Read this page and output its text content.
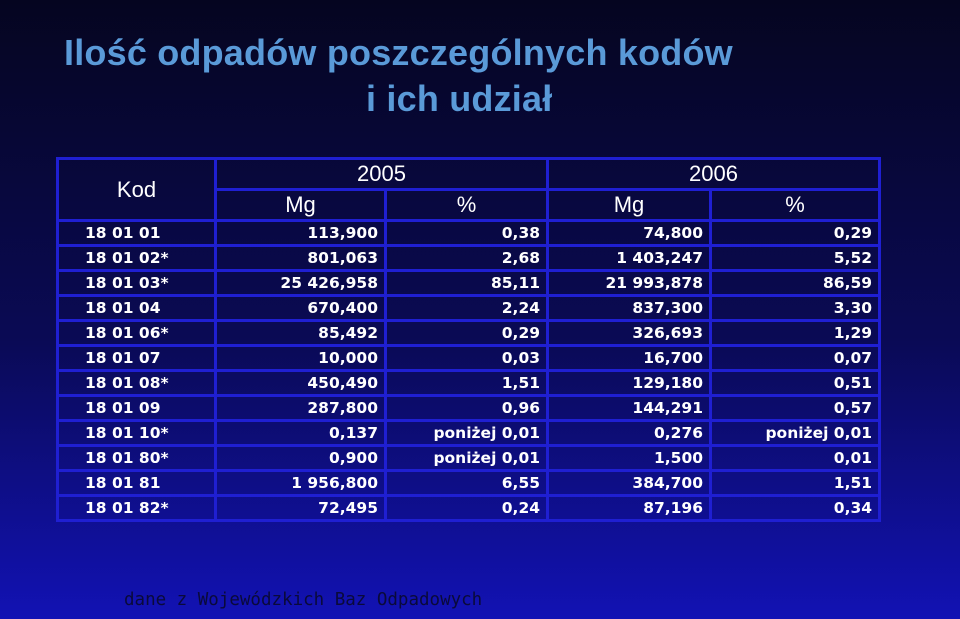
Ilość odpadów poszczególnych kodów
i ich udział
Kod	2005		2006	
	Mg	%	Mg	%
18 01 01	113,900	0,38	74,800	0,29
18 01 02*	801,063	2,68	1 403,247	5,52
18 01 03*	25 426,958	85,11	21 993,878	86,59
18 01 04	670,400	2,24	837,300	3,30
18 01 06*	85,492	0,29	326,693	1,29
18 01 07	10,000	0,03	16,700	0,07
18 01 08*	450,490	1,51	129,180	0,51
18 01 09	287,800	0,96	144,291	0,57
18 01 10*	0,137	poniżej 0,01	0,276	poniżej 0,01
18 01 80*	0,900	poniżej 0,01	1,500	0,01
18 01 81	1 956,800	6,55	384,700	1,51
18 01 82*	72,495	0,24	87,196	0,34
dane z Wojewódzkich Baz Odpadowych
